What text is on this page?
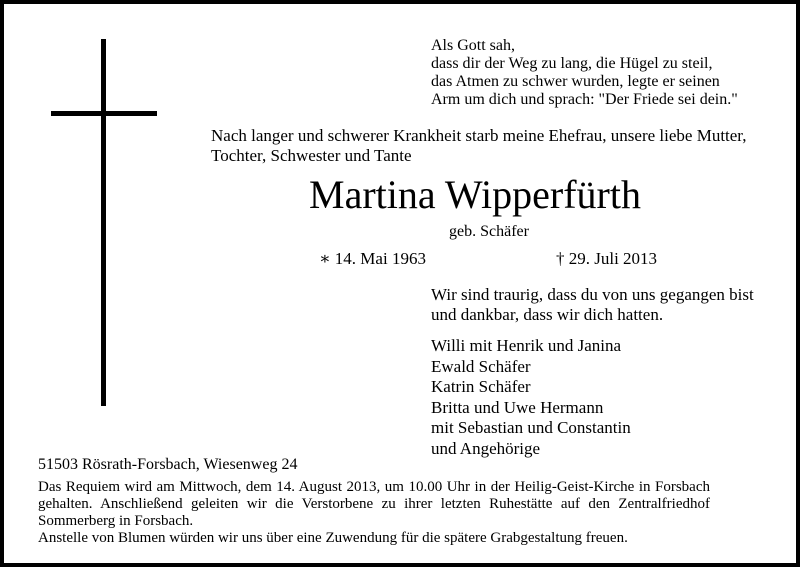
Als Gott sah,
dass dir der Weg zu lang, die Hügel zu steil,
das Atmen zu schwer wurden, legte er seinen
Arm um dich und sprach: "Der Friede sei dein."
Nach langer und schwerer Krankheit starb meine Ehefrau, unsere liebe Mutter,
Tochter, Schwester und Tante
Martina Wipperfürth
geb. Schäfer
∗ 14. Mai 1963	† 29. Juli 2013
Wir sind traurig, dass du von uns gegangen bist
und dankbar, dass wir dich hatten.
Willi mit Henrik und Janina
Ewald Schäfer
Katrin Schäfer
Britta und Uwe Hermann
mit Sebastian und Constantin
und Angehörige
51503 Rösrath-Forsbach, Wiesenweg 24
Das Requiem wird am Mittwoch, dem 14. August 2013, um 10.00 Uhr in der Heilig-Geist-Kirche in Forsbach gehalten. Anschließend geleiten wir die Verstorbene zu ihrer letzten Ruhestätte auf den Zentralfriedhof Sommerberg in Forsbach.
Anstelle von Blumen würden wir uns über eine Zuwendung für die spätere Grabgestaltung freuen.
